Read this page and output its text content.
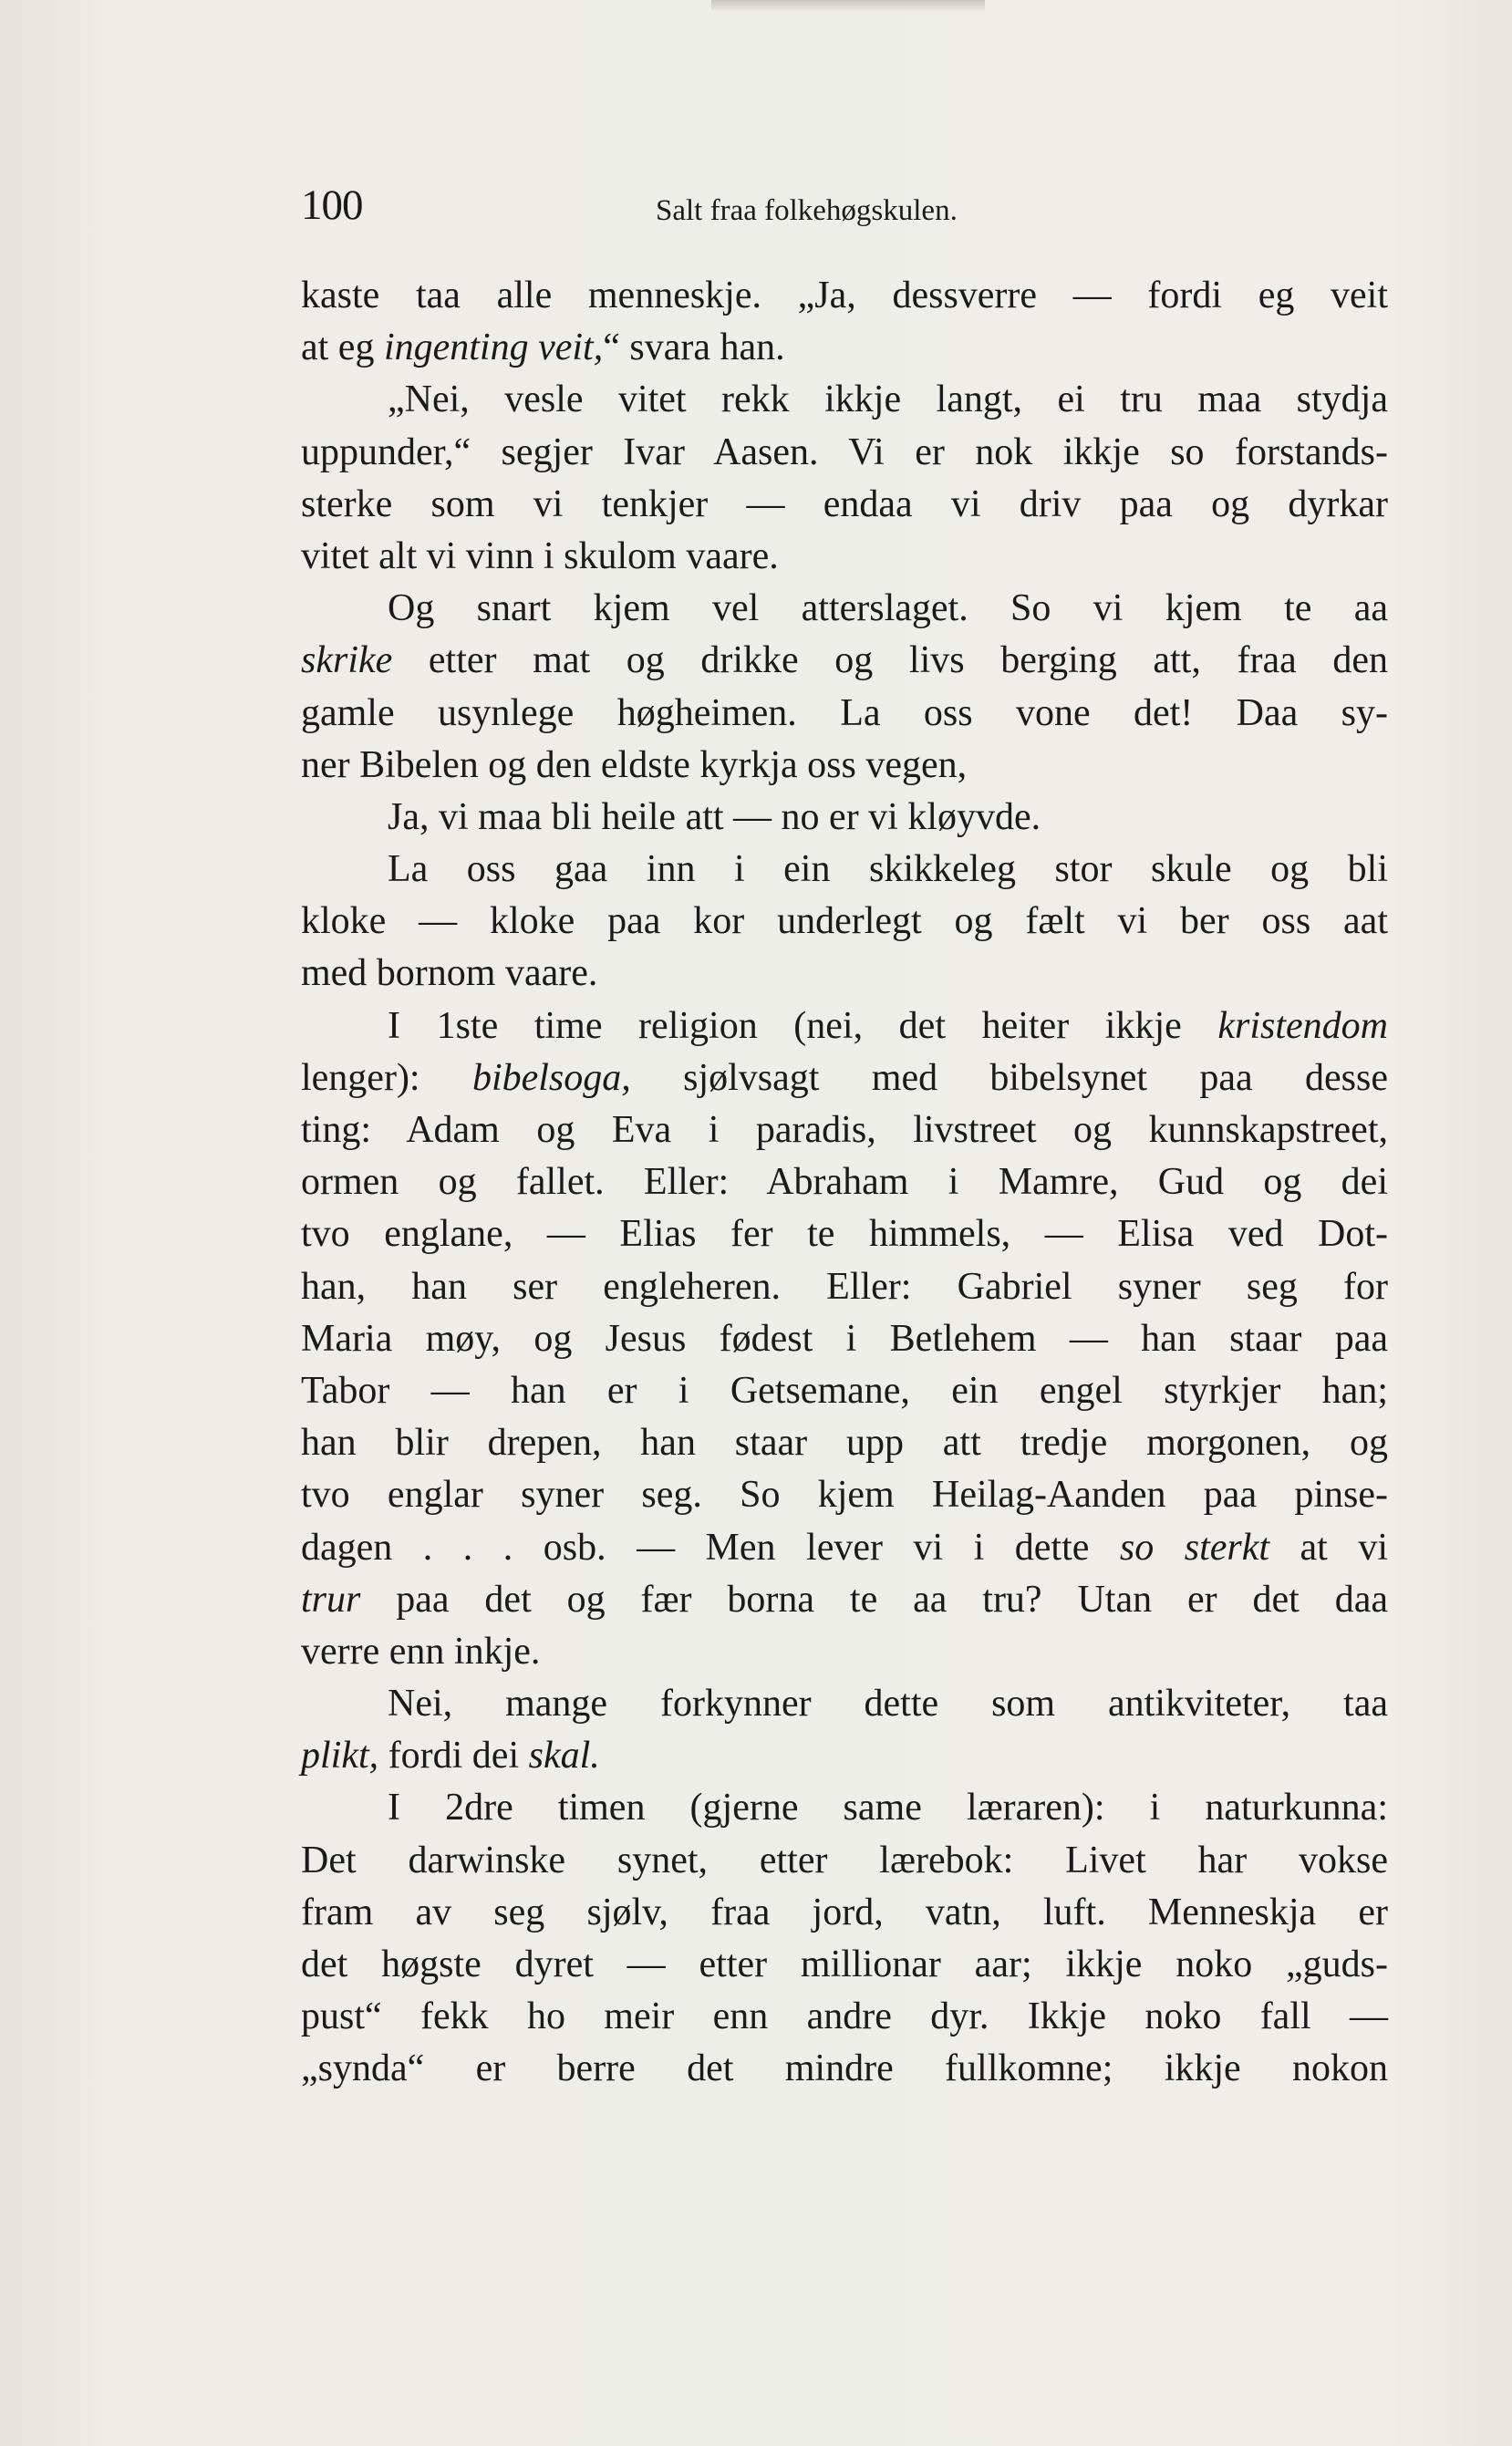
100	Salt fraa folkehøgskulen.
kaste taa alle menneskje. „Ja, dessverre — fordi eg veit
at eg ingenting veit,“ svara han.
„Nei, vesle vitet rekk ikkje langt, ei tru maa stydja
uppunder,“ segjer Ivar Aasen. Vi er nok ikkje so forstands-
sterke som vi tenkjer — endaa vi driv paa og dyrkar
vitet alt vi vinn i skulom vaare.
Og snart kjem vel atterslaget. So vi kjem te aa
skrike etter mat og drikke og livs berging att, fraa den
gamle usynlege høgheimen. La oss vone det! Daa sy-
ner Bibelen og den eldste kyrkja oss vegen,
Ja, vi maa bli heile att — no er vi kløyvde.
La oss gaa inn i ein skikkeleg stor skule og bli
kloke — kloke paa kor underlegt og fælt vi ber oss aat
med bornom vaare.
I 1ste time religion (nei, det heiter ikkje kristendom
lenger): bibelsoga, sjølvsagt med bibelsynet paa desse
ting: Adam og Eva i paradis, livstreet og kunnskapstreet,
ormen og fallet. Eller: Abraham i Mamre, Gud og dei
tvo englane, — Elias fer te himmels, — Elisa ved Dot-
han, han ser engleheren. Eller: Gabriel syner seg for
Maria møy, og Jesus fødest i Betlehem — han staar paa
Tabor — han er i Getsemane, ein engel styrkjer han;
han blir drepen, han staar upp att tredje morgonen, og
tvo englar syner seg. So kjem Heilag-Aanden paa pinse-
dagen . . . osb. — Men lever vi i dette so sterkt at vi
trur paa det og fær borna te aa tru? Utan er det daa
verre enn inkje.
Nei, mange forkynner dette som antikviteter, taa
plikt, fordi dei skal.
I 2dre timen (gjerne same læraren): i naturkunna:
Det darwinske synet, etter lærebok: Livet har vokse
fram av seg sjølv, fraa jord, vatn, luft. Menneskja er
det høgste dyret — etter millionar aar; ikkje noko „guds-
pust“ fekk ho meir enn andre dyr. Ikkje noko fall —
„synda“ er berre det mindre fullkomne; ikkje nokon
